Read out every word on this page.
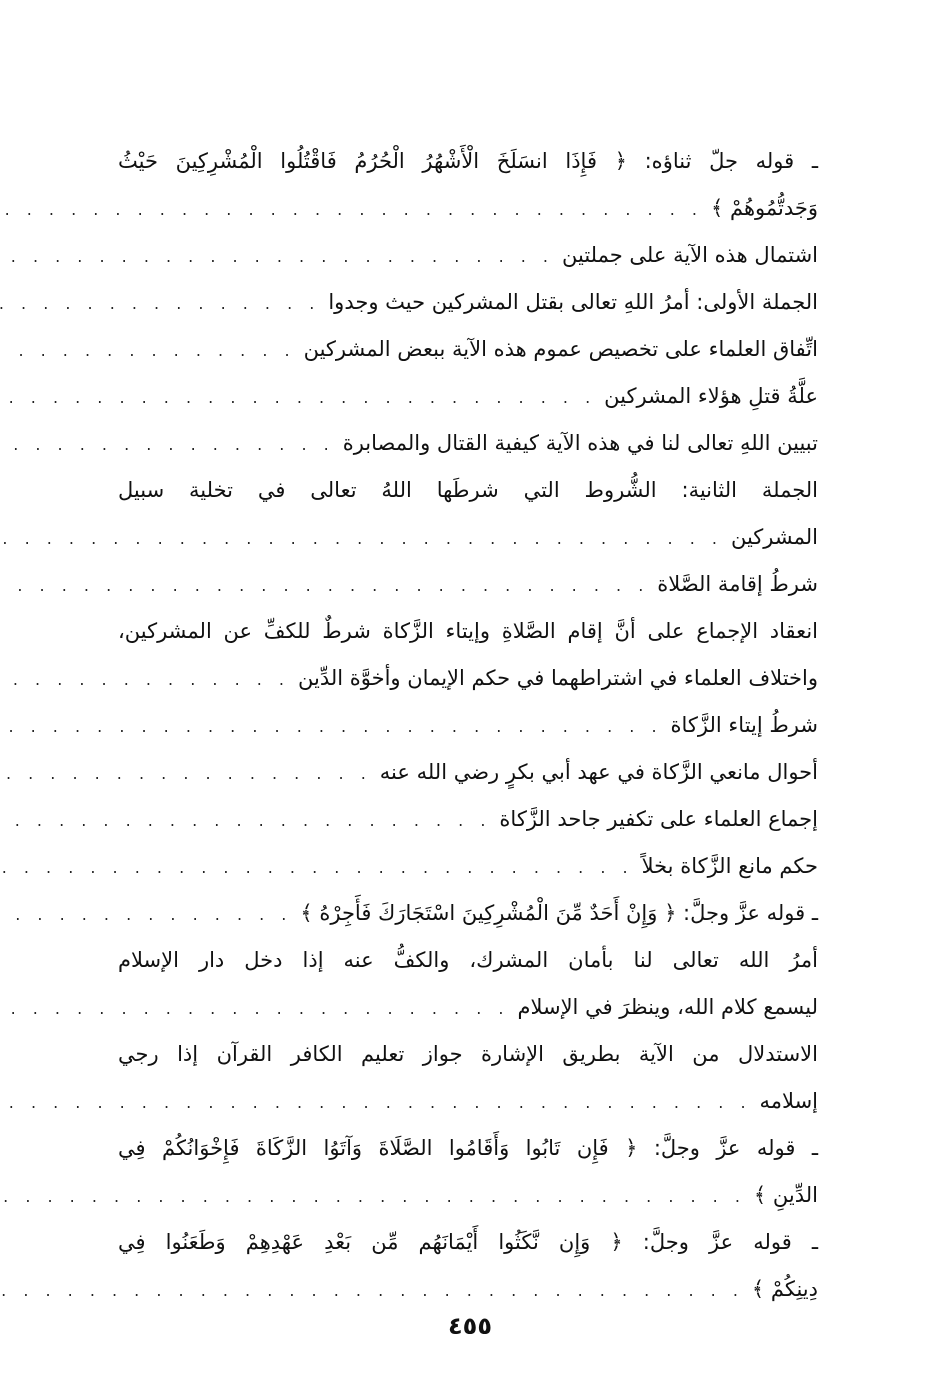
ـ قوله جلّ ثناؤه: ﴿ فَإِذَا انسَلَخَ الْأَشْهُرُ الْحُرُمُ فَاقْتُلُوا الْمُشْرِكِينَ حَيْثُ
وَجَدتُّمُوهُمْ ﴾
. . .
اشتمال هذه الآية على جملتين
. . .
الجملة الأولى: أمرُ اللهِ تعالى بقتل المشركين حيث وجدوا
. . .
اتِّفاق العلماء على تخصيص عموم هذه الآية ببعض المشركين
. . .
علَّةُ قتلِ هؤلاء المشركين
. . .
تبيين اللهِ تعالى لنا في هذه الآية كيفية القتال والمصابرة
. . .
الجملة الثانية: الشُّروط التي شرطَها اللهُ تعالى في تخلية سبيل
المشركين
. . .
شرطُ إقامة الصَّلاة
. . .
انعقاد الإجماع على أنَّ إقام الصَّلاةِ وإيتاء الزَّكاة شرطٌ للكفِّ عن المشركين،
واختلاف العلماء في اشتراطهما في حكم الإيمان وأخوَّة الدِّين
. . .
شرطُ إيتاء الزَّكاة
. . .
أحوال مانعي الزَّكاة في عهد أبي بكرٍ رضي الله عنه
. . .
إجماع العلماء على تكفير جاحد الزَّكاة
. . .
حكم مانع الزَّكاة بخلاً
. . .
ـ قوله عزَّ وجلَّ: ﴿ وَإِنْ أَحَدٌ مِّنَ الْمُشْرِكِينَ اسْتَجَارَكَ فَأَجِرْهُ ﴾
. . .
أمرُ الله تعالى لنا بأمان المشرك، والكفُّ عنه إذا دخل دار الإسلام
ليسمع كلام الله، وينظرَ في الإسلام
. . .
الاستدلال من الآية بطريق الإشارة جواز تعليم الكافر القرآن إذا رجي
إسلامه
. . .
ـ قوله عزَّ وجلَّ: ﴿ فَإِن تَابُوا وَأَقَامُوا الصَّلَاةَ وَآتَوُا الزَّكَاةَ فَإِخْوَانُكُمْ فِي
الدِّينِ ﴾
. . .
ـ قوله عزَّ وجلَّ: ﴿ وَإِن نَّكَثُوا أَيْمَانَهُم مِّن بَعْدِ عَهْدِهِمْ وَطَعَنُوا فِي
دِينِكُمْ ﴾
. . .
٤٥٥
